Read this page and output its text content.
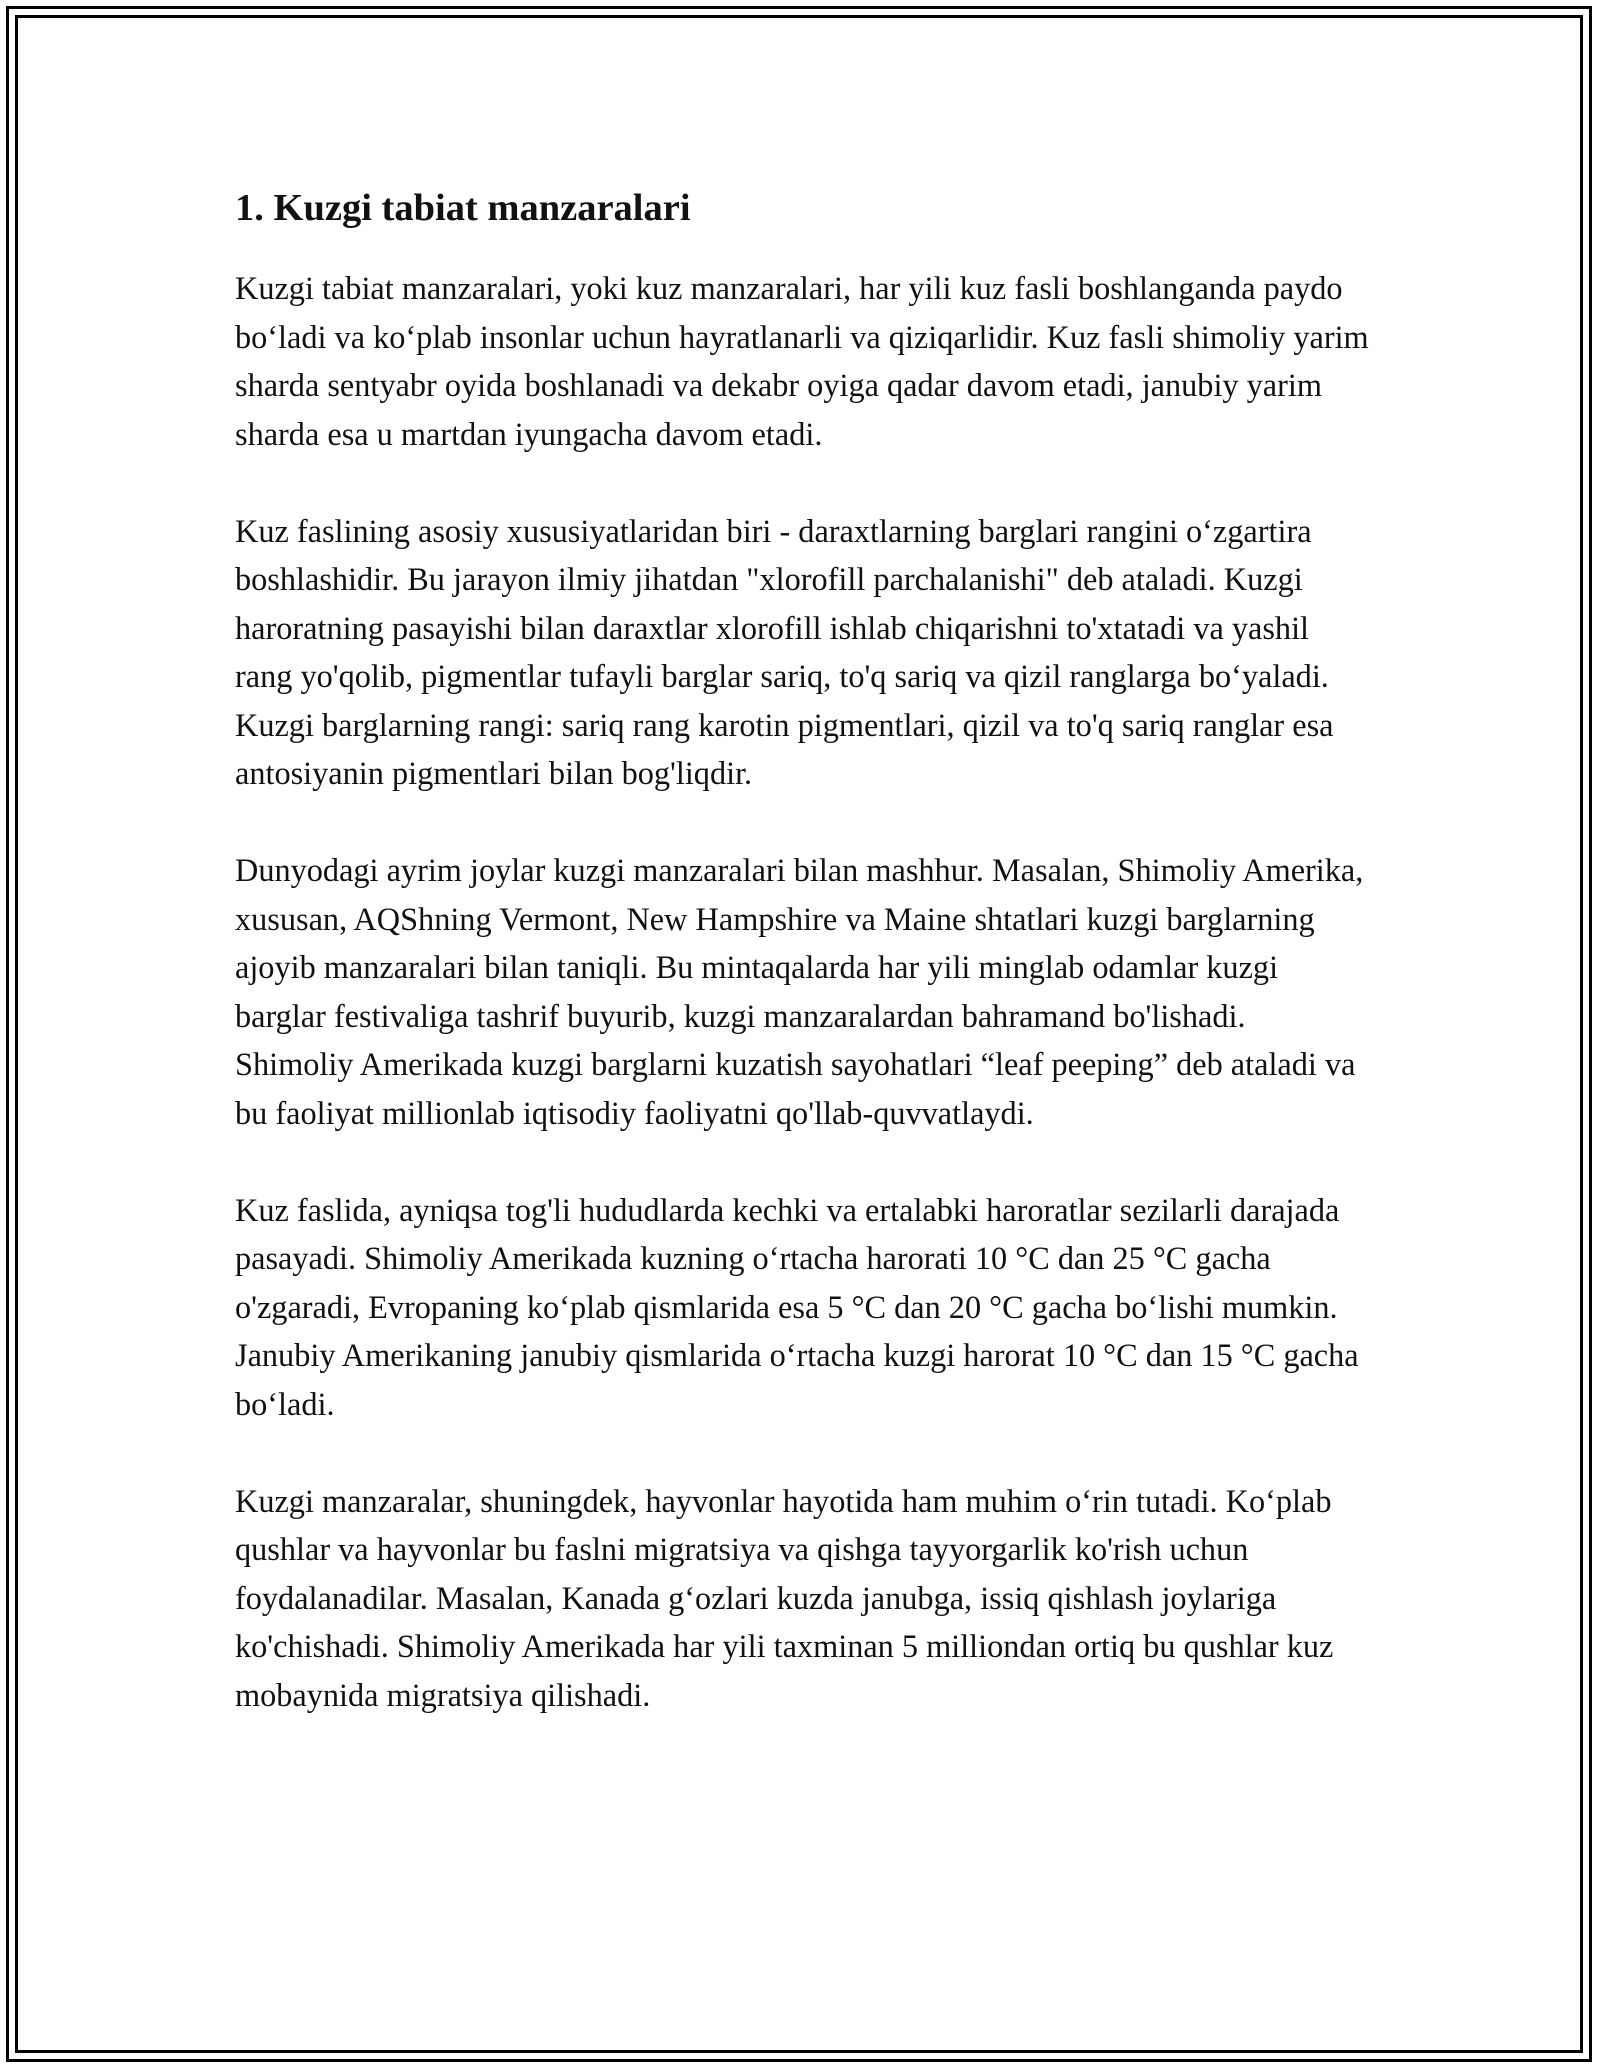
1. Kuzgi tabiat manzaralari

Kuzgi tabiat manzaralari, yoki kuz manzaralari, har yili kuz fasli boshlanganda paydo boʻladi va koʻplab insonlar uchun hayratlanarli va qiziqarlidir. Kuz fasli shimoliy yarim sharda sentyabr oyida boshlanadi va dekabr oyiga qadar davom etadi, janubiy yarim sharda esa u martdan iyungacha davom etadi.

Kuz faslining asosiy xususiyatlaridan biri - daraxtlarning barglari rangini oʻzgartira boshlashidir. Bu jarayon ilmiy jihatdan "xlorofill parchalanishi" deb ataladi. Kuzgi haroratning pasayishi bilan daraxtlar xlorofill ishlab chiqarishni to'xtatadi va yashil rang yo'qolib, pigmentlar tufayli barglar sariq, to'q sariq va qizil ranglarga boʻyaladi. Kuzgi barglarning rangi: sariq rang karotin pigmentlari, qizil va to'q sariq ranglar esa antosiyanin pigmentlari bilan bog'liqdir.

Dunyodagi ayrim joylar kuzgi manzaralari bilan mashhur. Masalan, Shimoliy Amerika, xususan, AQShning Vermont, New Hampshire va Maine shtatlari kuzgi barglarning ajoyib manzaralari bilan taniqli. Bu mintaqalarda har yili minglab odamlar kuzgi barglar festivaliga tashrif buyurib, kuzgi manzaralardan bahramand bo'lishadi. Shimoliy Amerikada kuzgi barglarni kuzatish sayohatlari “leaf peeping” deb ataladi va bu faoliyat millionlab iqtisodiy faoliyatni qo'llab-quvvatlaydi.

Kuz faslida, ayniqsa tog'li hududlarda kechki va ertalabki haroratlar sezilarli darajada pasayadi. Shimoliy Amerikada kuzning oʻrtacha harorati 10 °C dan 25 °C gacha o'zgaradi, Evropaning koʻplab qismlarida esa 5 °C dan 20 °C gacha boʻlishi mumkin. Janubiy Amerikaning janubiy qismlarida oʻrtacha kuzgi harorat 10 °C dan 15 °C gacha boʻladi.

Kuzgi manzaralar, shuningdek, hayvonlar hayotida ham muhim oʻrin tutadi. Koʻplab qushlar va hayvonlar bu faslni migratsiya va qishga tayyorgarlik ko'rish uchun foydalanadilar. Masalan, Kanada gʻozlari kuzda janubga, issiq qishlash joylariga ko'chishadi. Shimoliy Amerikada har yili taxminan 5 milliondan ortiq bu qushlar kuz mobaynida migratsiya qilishadi.
